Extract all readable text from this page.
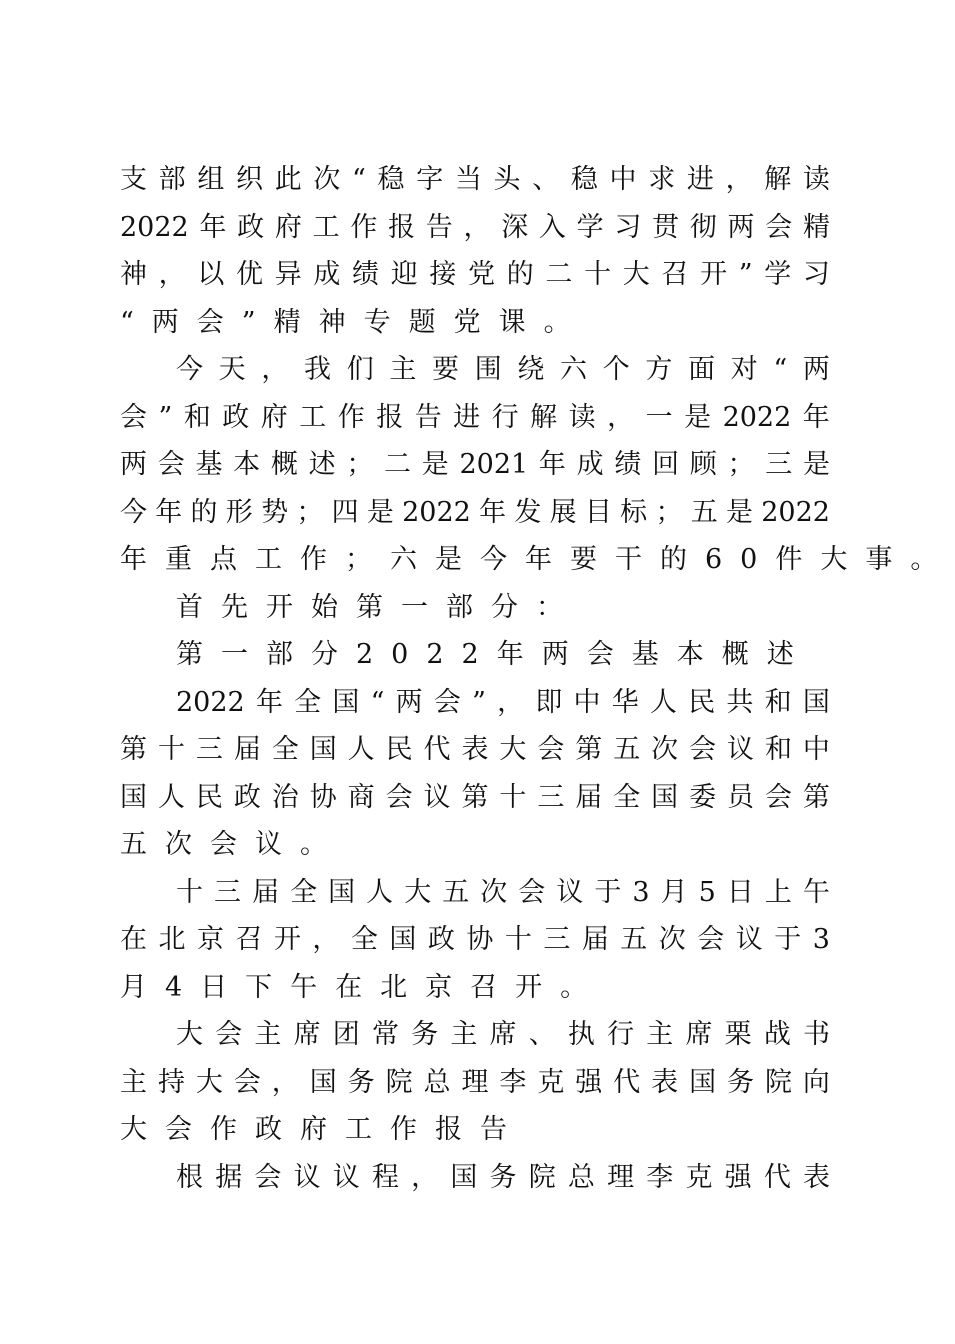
支 部 组 织 此 次 “ 稳 字 当 头 、 稳 中 求 进 ， 解 读
2022 年 政 府 工 作 报 告 ， 深 入 学 习 贯 彻 两 会 精
神 ， 以 优 异 成 绩 迎 接 党 的 二 十 大 召 开 ” 学 习
“两会”精神专题党课。
今 天 ， 我 们 主 要 围 绕 六 个 方 面 对 “ 两
会 ” 和 政 府 工 作 报 告 进 行 解 读 ， 一 是 2022 年
两 会 基 本 概 述 ； 二 是 2021 年 成 绩 回 顾 ； 三 是
今 年 的 形 势 ； 四 是 2022 年 发 展 目 标 ； 五 是 2022
年重点工作；六是今年要干的60件大事。
首先开始第一部分：
第一部分2022年两会基本概述
2022 年 全 国 “ 两 会 ” ， 即 中 华 人 民 共 和 国
第 十 三 届 全 国 人 民 代 表 大 会 第 五 次 会 议 和 中
国 人 民 政 治 协 商 会 议 第 十 三 届 全 国 委 员 会 第
五次会议。
十 三 届 全 国 人 大 五 次 会 议 于 3 月 5 日 上 午
在 北 京 召 开 ， 全 国 政 协 十 三 届 五 次 会 议 于 3
月4日下午在北京召开。
大 会 主 席 团 常 务 主 席 、 执 行 主 席 栗 战 书
主 持 大 会 ， 国 务 院 总 理 李 克 强 代 表 国 务 院 向
大会作政府工作报告
根 据 会 议 议 程 ， 国 务 院 总 理 李 克 强 代 表
